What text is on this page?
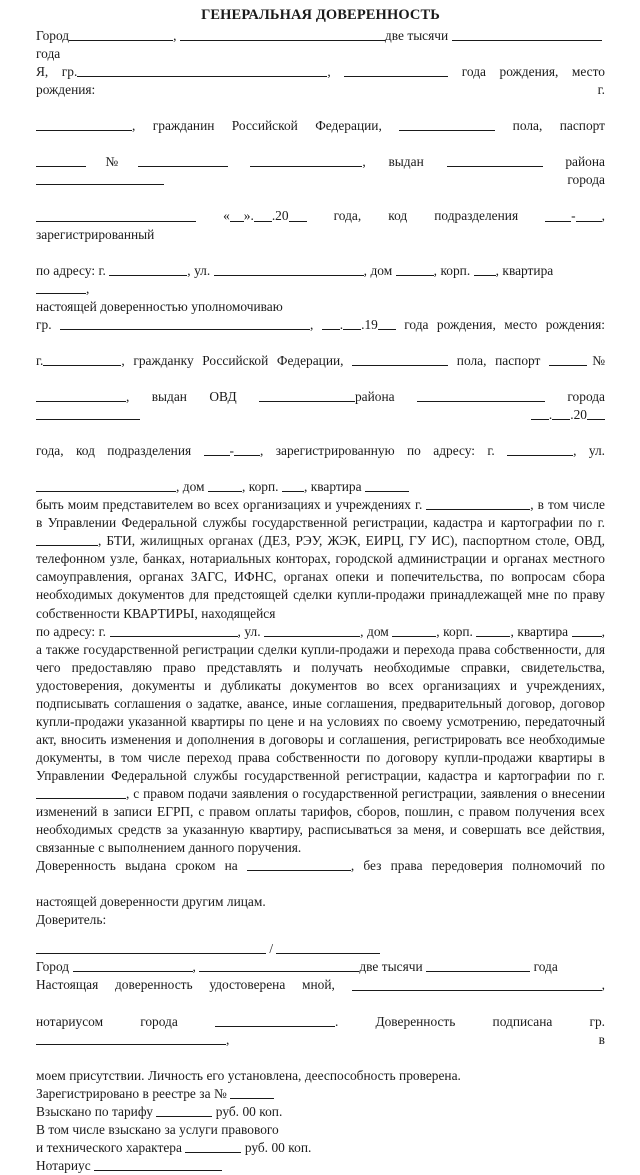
ГЕНЕРАЛЬНАЯ ДОВЕРЕННОСТЬ

Город	,	две тысячи  года

Я, гр.	,	года рождения, место рождения: г.

, гражданин Российской Федерации,	пола, паспорт

№	, выдан	района  города

« ». .20	года, код подразделения	- , зарегистрированный

по адресу: г.	, ул.	, дом	, корп. , квартира ,

настоящей доверенностью уполномочиваю

гр.	, . .19 года рождения, место рождения:

г.	, гражданку Российской Федерации,	пола, паспорт	№

, выдан ОВД	района	города  . .20

года, код подразделения	- , зарегистрированную по адресу: г.	, ул.

, дом	, корп. , квартира

быть моим представителем во всех организациях и учреждениях г.	, в том числе в Управлении Федеральной службы государственной регистрации, кадастра и картографии по г. , БТИ, жилищных органах (ДЕЗ, РЭУ, ЖЭК, ЕИРЦ, ГУ ИС), паспортном столе, ОВД, телефонном узле, банках, нотариальных конторах, городской администрации и органах местного самоуправления, органах ЗАГС, ИФНС, органах опеки и попечительства, по вопросам сбора необходимых документов для предстоящей сделки купли-продажи принадлежащей мне по праву собственности КВАРТИРЫ, находящейся

по адресу: г.	, ул.	, дом	, корп.	, квартира	, а также государственной регистрации сделки купли-продажи и перехода права собственности, для чего предоставляю право представлять и получать необходимые справки, свидетельства, удостоверения, документы и дубликаты документов во всех организациях и учреждениях, подписывать соглашения о задатке, авансе, иные соглашения, предварительный договор, договор купли-продажи указанной квартиры по цене и на условиях по своему усмотрению, передаточный акт, вносить изменения и дополнения в договоры и соглашения, регистрировать все необходимые документы, в том числе переход права собственности по договору купли-продажи квартиры в Управлении Федеральной службы государственной регистрации, кадастра и картографии по г. , с правом подачи заявления о государственной регистрации, заявления о внесении изменений в записи ЕГРП, с правом оплаты тарифов, сборов, пошлин, с правом получения всех необходимых средств за указанную квартиру, расписываться за меня, и совершать все действия, связанные с выполнением данного поручения.

Доверенность выдана сроком на	, без права передоверия полномочий по

настоящей доверенности другим лицам.

Доверитель:

/

Город	,	две тысячи	года

Настоящая доверенность удостоверена мной,	,

нотариусом города	. Доверенность подписана гр. , в

моем присутствии. Личность его установлена, дееспособность проверена.

Зарегистрировано в реестре за №

Взыскано по тарифу	руб. 00 коп.

В том числе взыскано за услуги правового

и технического характера	руб. 00 коп.

Нотариус
